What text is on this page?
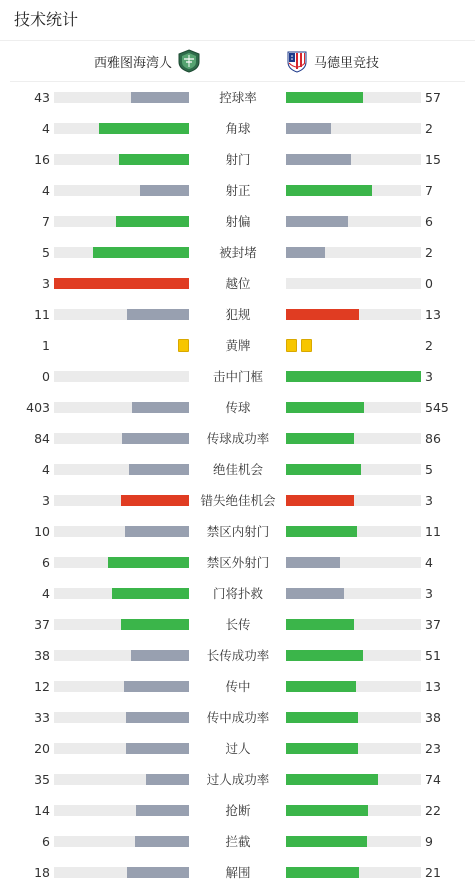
技术统计
西雅图海湾人	马德里竞技
43	控球率	57
4	角球	2
16	射门	15
4	射正	7
7	射偏	6
5	被封堵	2
3	越位	0
11	犯规	13
1	黄牌	2
0	击中门框	3
403	传球	545
84	传球成功率	86
4	绝佳机会	5
3	错失绝佳机会	3
10	禁区内射门	11
6	禁区外射门	4
4	门将扑救	3
37	长传	37
38	长传成功率	51
12	传中	13
33	传中成功率	38
20	过人	23
35	过人成功率	74
14	抢断	22
6	拦截	9
18	解围	21
